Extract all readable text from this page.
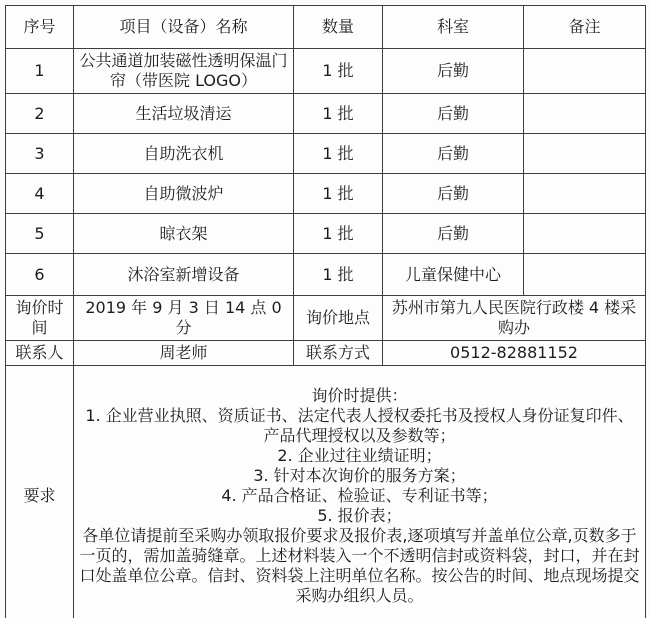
序号	项目（设备）名称	数量	科室	备注
1	公共通道加装磁性透明保温门帘（带医院 LOGO）	1 批	后勤	
2	生活垃圾清运	1 批	后勤	
3	自助洗衣机	1 批	后勤	
4	自助微波炉	1 批	后勤	
5	晾衣架	1 批	后勤	
6	沐浴室新增设备	1 批	儿童保健中心	
询价时间	2019 年 9 月 3 日 14 点 0 分	询价地点	苏州市第九人民医院行政楼 4 楼采购办	
联系人	周老师	联系方式	0512-82881152	
要求	
询价时提供：
1. 企业营业执照、资质证书、法定代表人授权委托书及授权人身份证复印件、产品代理授权以及参数等；
2. 企业过往业绩证明；
3. 针对本次询价的服务方案；
4. 产品合格证、检验证、专利证书等；
5. 报价表；
各单位请提前至采购办领取报价要求及报价表,逐项填写并盖单位公章,页数多于一页的，需加盖骑缝章。上述材料装入一个不透明信封或资料袋，封口，并在封口处盖单位公章。信封、资料袋上注明单位名称。按公告的时间、地点现场提交采购办组织人员。
